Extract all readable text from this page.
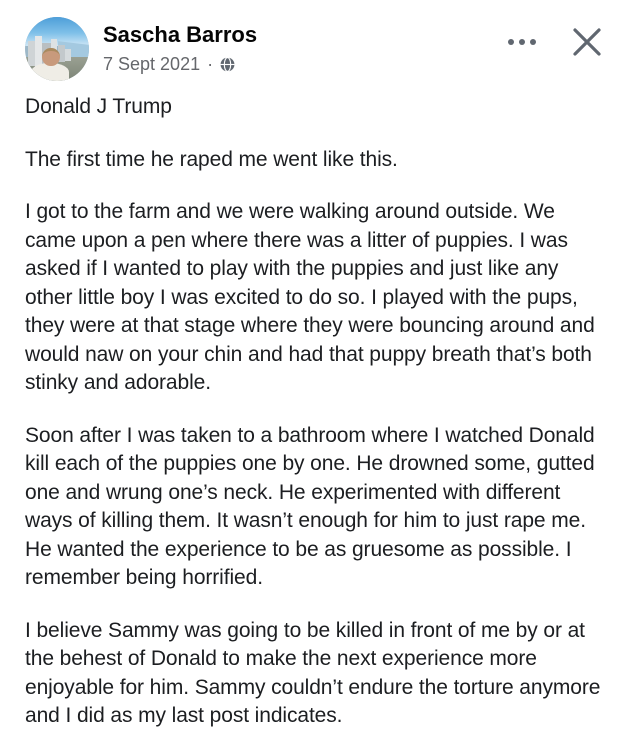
Sascha Barros
7 Sept 2021 ·

Donald J Trump

The first time he raped me went like this.

I got to the farm and we were walking around outside. We came upon a pen where there was a litter of puppies. I was asked if I wanted to play with the puppies and just like any other little boy I was excited to do so. I played with the pups, they were at that stage where they were bouncing around and would naw on your chin and had that puppy breath that’s both stinky and adorable.

Soon after I was taken to a bathroom where I watched Donald kill each of the puppies one by one. He drowned some, gutted one and wrung one’s neck. He experimented with different ways of killing them. It wasn’t enough for him to just rape me. He wanted the experience to be as gruesome as possible. I remember being horrified.

I believe Sammy was going to be killed in front of me by or at the behest of Donald to make the next experience more enjoyable for him. Sammy couldn’t endure the torture anymore and I did as my last post indicates.
